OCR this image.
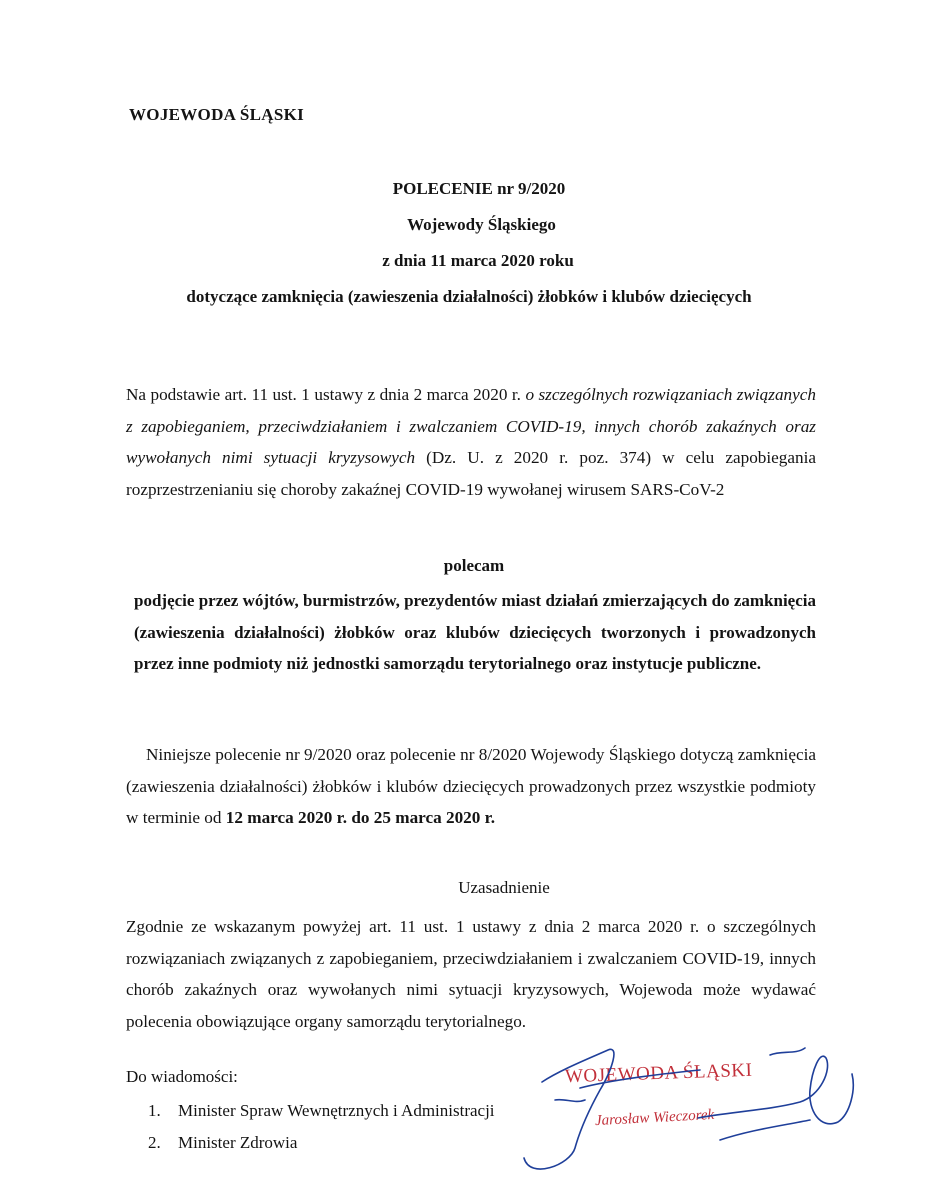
WOJEWODA ŚLĄSKI
POLECENIE nr 9/2020
Wojewody Śląskiego
z dnia 11 marca 2020 roku
dotyczące zamknięcia (zawieszenia działalności) żłobków i klubów dziecięcych
Na podstawie art. 11 ust. 1 ustawy z dnia 2 marca 2020 r. o szczególnych rozwiązaniach związanych z zapobieganiem, przeciwdziałaniem i zwalczaniem COVID-19, innych chorób zakaźnych oraz wywołanych nimi sytuacji kryzysowych (Dz. U. z 2020 r. poz. 374) w celu zapobiegania rozprzestrzenianiu się choroby zakaźnej COVID-19 wywołanej wirusem SARS-CoV-2
polecam
podjęcie przez wójtów, burmistrzów, prezydentów miast działań zmierzających do zamknięcia (zawieszenia działalności) żłobków oraz klubów dziecięcych tworzonych i prowadzonych przez inne podmioty niż jednostki samorządu terytorialnego oraz instytucje publiczne.
Niniejsze polecenie nr 9/2020 oraz polecenie nr 8/2020 Wojewody Śląskiego dotyczą zamknięcia (zawieszenia działalności) żłobków i klubów dziecięcych prowadzonych przez wszystkie podmioty w terminie od 12 marca 2020 r. do 25 marca 2020 r.
Uzasadnienie
Zgodnie ze wskazanym powyżej art. 11 ust. 1 ustawy z dnia 2 marca 2020 r. o szczególnych rozwiązaniach związanych z zapobieganiem, przeciwdziałaniem i zwalczaniem COVID-19, innych chorób zakaźnych oraz wywołanych nimi sytuacji kryzysowych, Wojewoda może wydawać polecenia obowiązujące organy samorządu terytorialnego.
Do wiadomości:
1. Minister Spraw Wewnętrznych i Administracji
2. Minister Zdrowia
WOJEWODA ŚLĄSKI
Jarosław Wieczorek
